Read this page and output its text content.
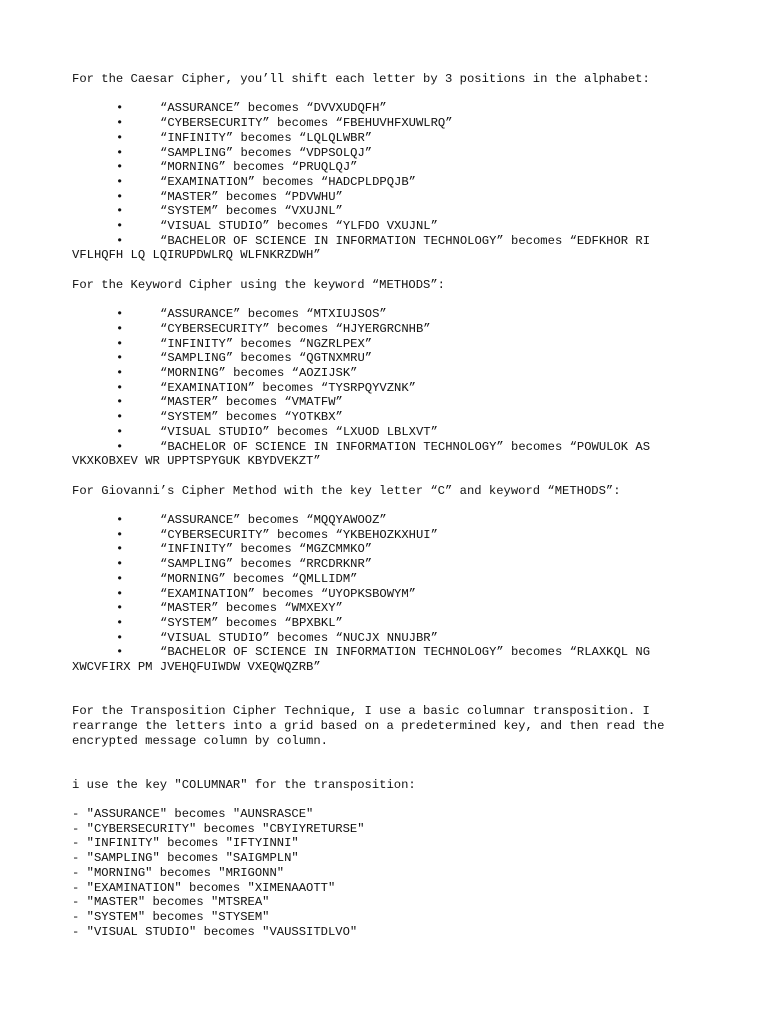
For the Caesar Cipher, you’ll shift each letter by 3 positions in the alphabet:

•	“ASSURANCE” becomes “DVVXUDQFH”
•	“CYBERSECURITY” becomes “FBEHUVHFXUWLRQ”
•	“INFINITY” becomes “LQLQLWBR”
•	“SAMPLING” becomes “VDPSOLQJ”
•	“MORNING” becomes “PRUQLQJ”
•	“EXAMINATION” becomes “HADCPLDPQJB”
•	“MASTER” becomes “PDVWHU”
•	“SYSTEM” becomes “VXUJNL”
•	“VISUAL STUDIO” becomes “YLFDO VXUJNL”
•	“BACHELOR OF SCIENCE IN INFORMATION TECHNOLOGY” becomes “EDFKHOR RI VFLHQFH LQ LQIRUPDWLRQ WLFNKRZDWH”

For the Keyword Cipher using the keyword “METHODS”:

•	“ASSURANCE” becomes “MTXIUJSOS”
•	“CYBERSECURITY” becomes “HJYERGRCNHB”
•	“INFINITY” becomes “NGZRLPEX”
•	“SAMPLING” becomes “QGTNXMRU”
•	“MORNING” becomes “AOZIJSK”
•	“EXAMINATION” becomes “TYSRPQYVZNK”
•	“MASTER” becomes “VMATFW”
•	“SYSTEM” becomes “YOTKBX”
•	“VISUAL STUDIO” becomes “LXUOD LBLXVT”
•	“BACHELOR OF SCIENCE IN INFORMATION TECHNOLOGY” becomes “POWULOK AS VKXKOBXEV WR UPPTSPYGUK KBYDVEKZT”

For Giovanni’s Cipher Method with the key letter “C” and keyword “METHODS”:

•	“ASSURANCE” becomes “MQQYAWOOZ”
•	“CYBERSECURITY” becomes “YKBEHOZKXHUI”
•	“INFINITY” becomes “MGZCMMKO”
•	“SAMPLING” becomes “RRCDRKNR”
•	“MORNING” becomes “QMLLIDM”
•	“EXAMINATION” becomes “UYOPKSBOWYM”
•	“MASTER” becomes “WMXEXY”
•	“SYSTEM” becomes “BPXBKL”
•	“VISUAL STUDIO” becomes “NUCJX NNUJBR”
•	“BACHELOR OF SCIENCE IN INFORMATION TECHNOLOGY” becomes “RLAXKQL NG XWCVFIRX PM JVEHQFUIWDW VXEQWQZRB”

For the Transposition Cipher Technique, I use a basic columnar transposition. I rearrange the letters into a grid based on a predetermined key, and then read the encrypted message column by column.

i use the key "COLUMNAR" for the transposition:

- "ASSURANCE" becomes "AUNSRASCE"
- "CYBERSECURITY" becomes "CBYIYRETURSE"
- "INFINITY" becomes "IFTYINNI"
- "SAMPLING" becomes "SAIGMPLN"
- "MORNING" becomes "MRIGONN"
- "EXAMINATION" becomes "XIMENAAOTT"
- "MASTER" becomes "MTSREA"
- "SYSTEM" becomes "STYSEM"
- "VISUAL STUDIO" becomes "VAUSSITDLVO"
